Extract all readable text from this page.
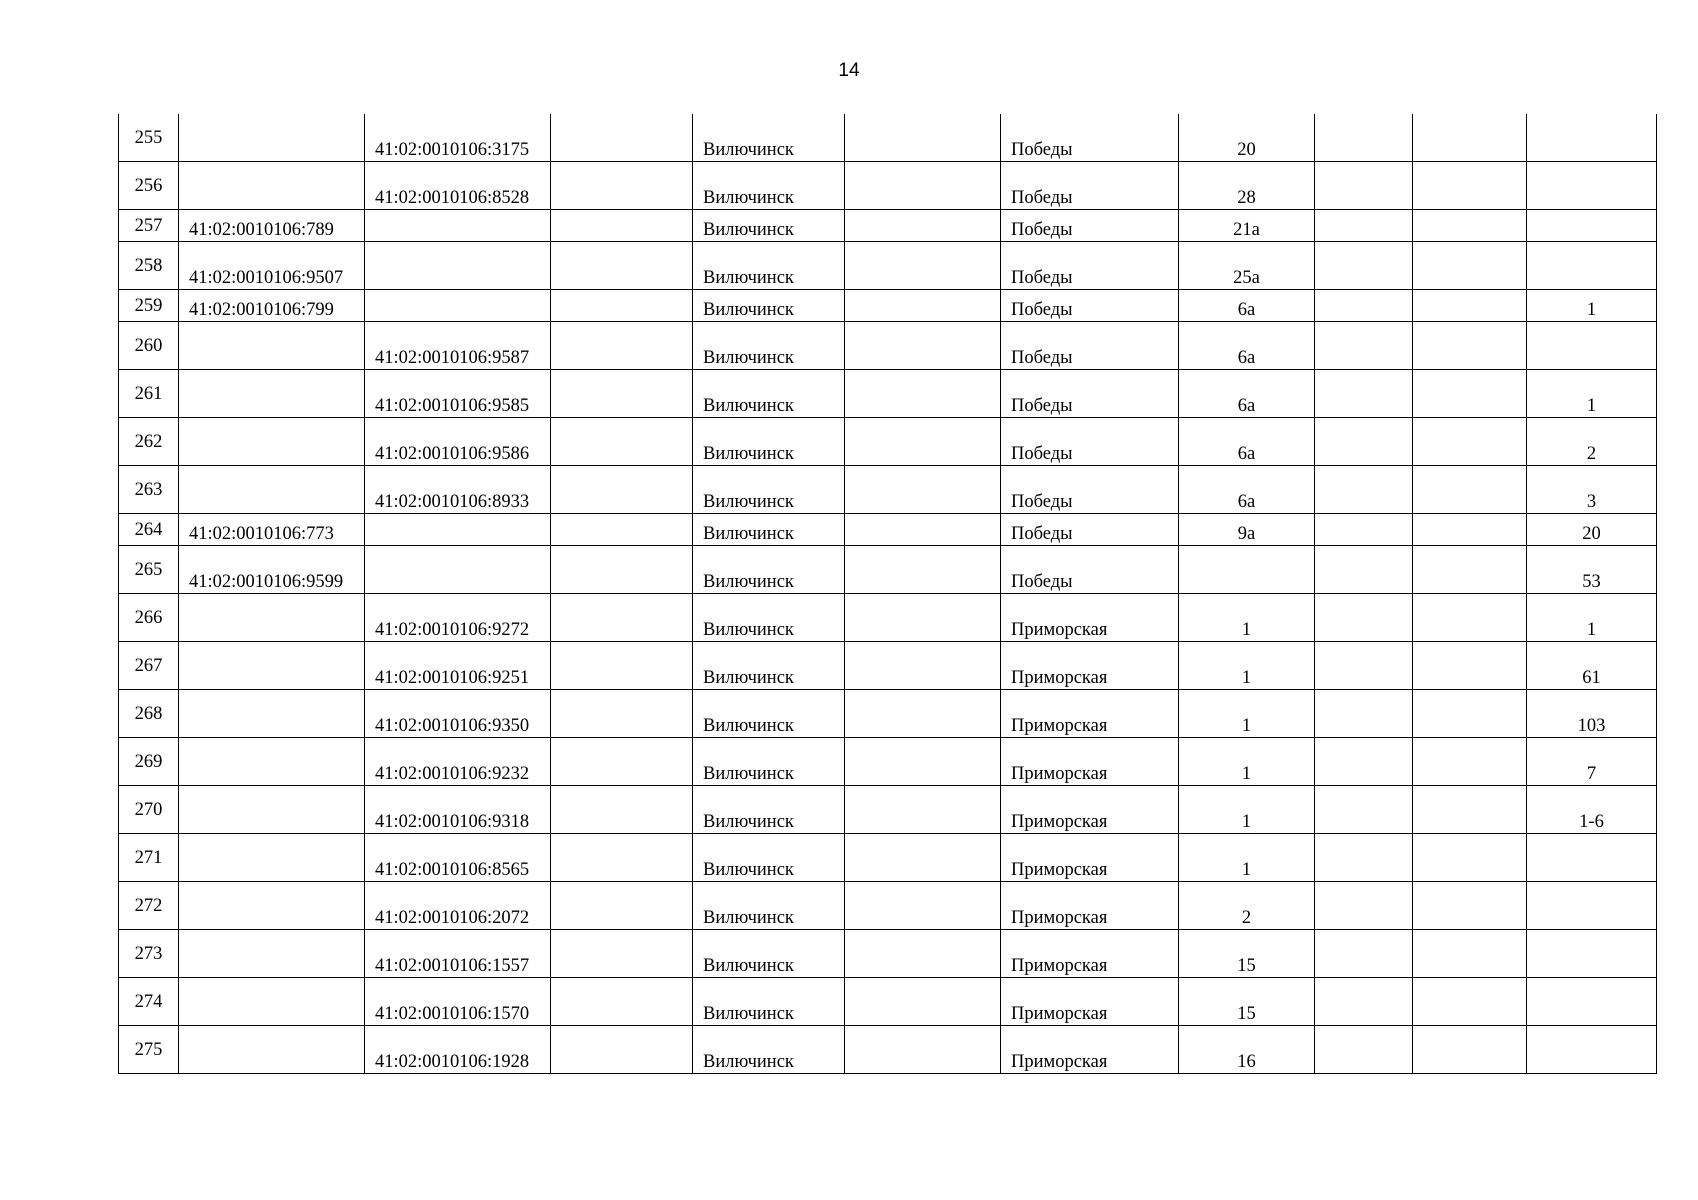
14
255		41:02:0010106:3175		Вилючинск		Победы	20			
256		41:02:0010106:8528		Вилючинск		Победы	28			
257	41:02:0010106:789			Вилючинск		Победы	21а			
258	41:02:0010106:9507			Вилючинск		Победы	25а			
259	41:02:0010106:799			Вилючинск		Победы	6а			1
260		41:02:0010106:9587		Вилючинск		Победы	6а			
261		41:02:0010106:9585		Вилючинск		Победы	6а			1
262		41:02:0010106:9586		Вилючинск		Победы	6а			2
263		41:02:0010106:8933		Вилючинск		Победы	6а			3
264	41:02:0010106:773			Вилючинск		Победы	9а			20
265	41:02:0010106:9599			Вилючинск		Победы				53
266		41:02:0010106:9272		Вилючинск		Приморская	1			1
267		41:02:0010106:9251		Вилючинск		Приморская	1			61
268		41:02:0010106:9350		Вилючинск		Приморская	1			103
269		41:02:0010106:9232		Вилючинск		Приморская	1			7
270		41:02:0010106:9318		Вилючинск		Приморская	1			1-6
271		41:02:0010106:8565		Вилючинск		Приморская	1			
272		41:02:0010106:2072		Вилючинск		Приморская	2			
273		41:02:0010106:1557		Вилючинск		Приморская	15			
274		41:02:0010106:1570		Вилючинск		Приморская	15			
275		41:02:0010106:1928		Вилючинск		Приморская	16			
